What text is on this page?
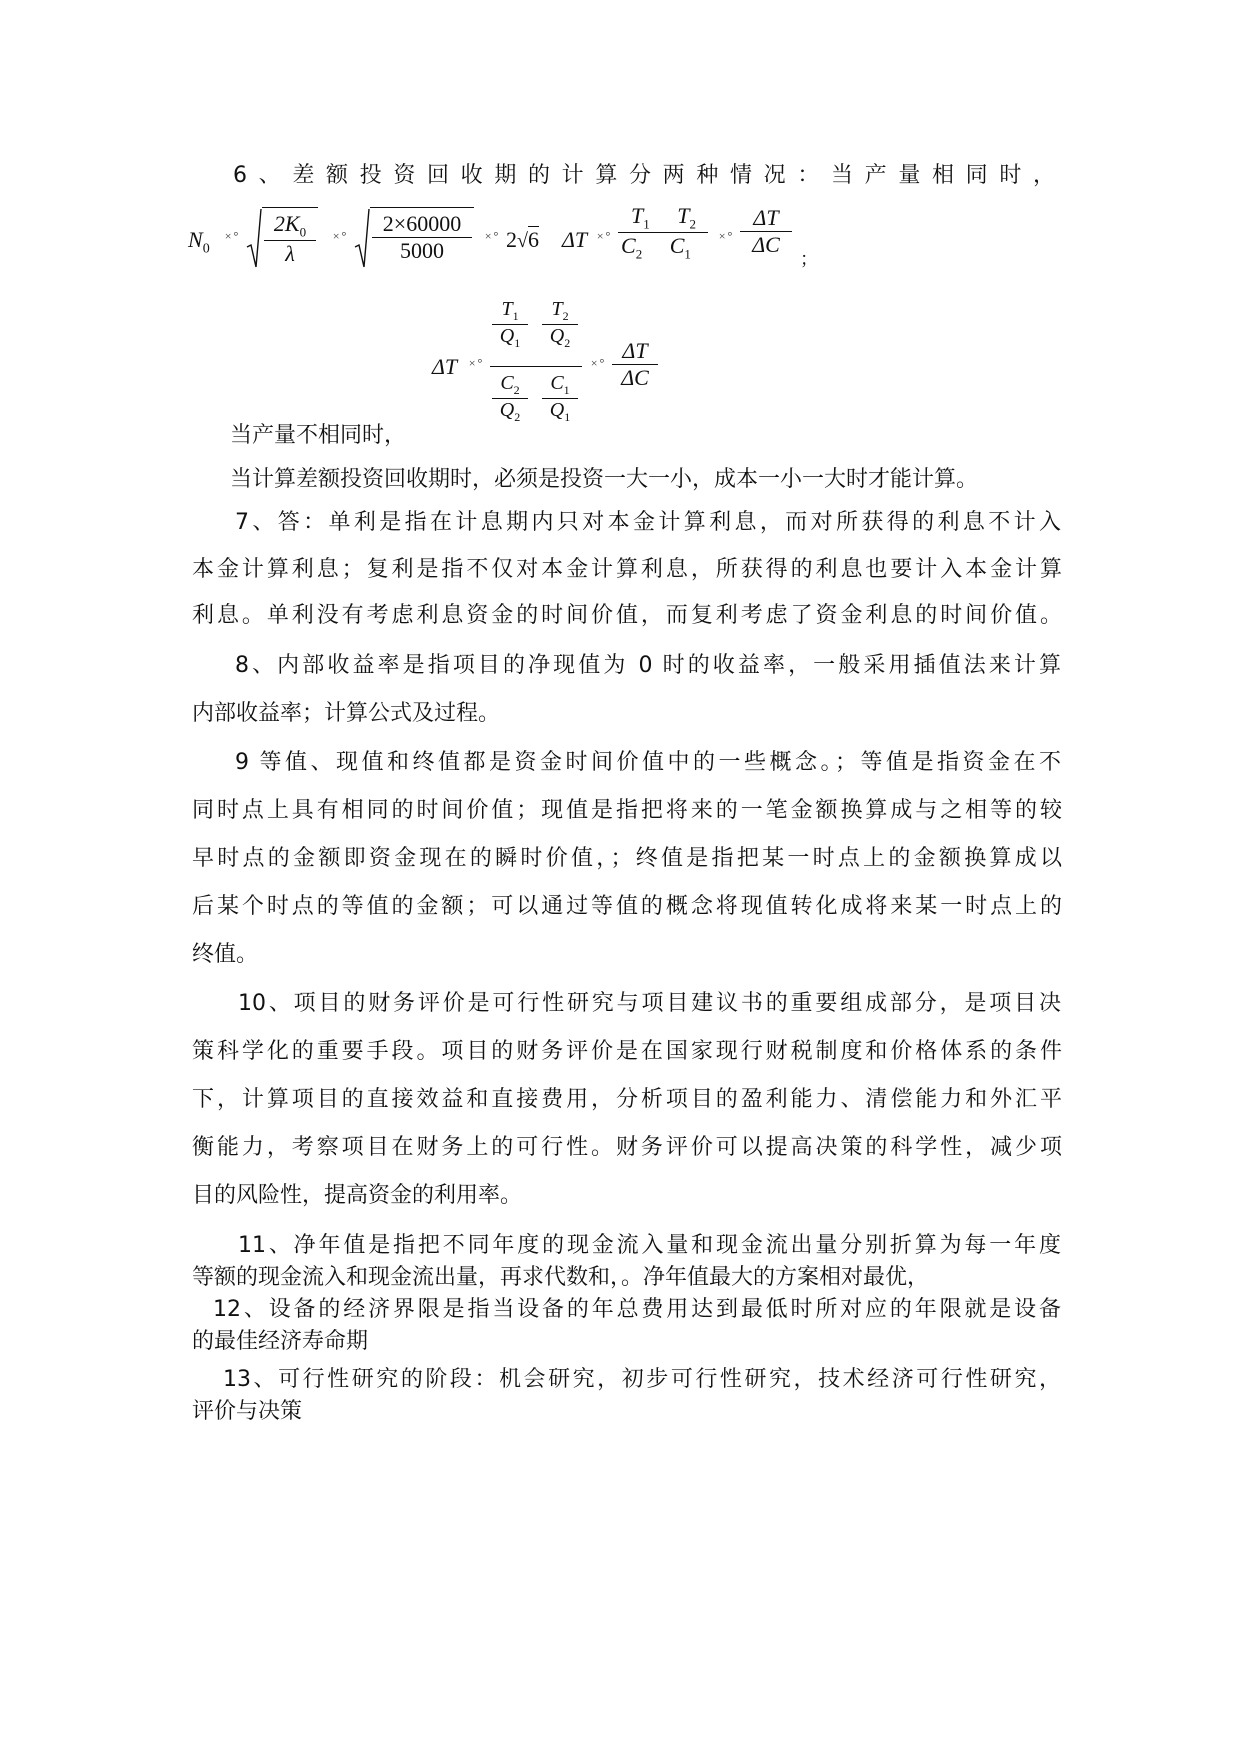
6、差额投资回收期的计算分两种情况：当产量相同时，
$N_0$
×° $\frac{2K_0}{\lambda}$ ×° $\frac{2\times 60000}{5000}$ ×° 2√6 ΔT ×° $\frac{T_1 T_2}{C_2 C_1}$ ×° $\frac{\Delta T}{\Delta C}$
；
ΔT ×°
$\frac{T_1}{Q_1} \frac{T_2}{Q_2}$
$\frac{C_2}{Q_2} \frac{C_1}{Q_1}$
×° $\frac{\Delta T}{\Delta C}$
当产量不相同时，
当计算差额投资回收期时，必须是投资一大一小，成本一小一大时才能计算。
7、答：单利是指在计息期内只对本金计算利息，而对所获得的利息不计入
本金计算利息；复利是指不仅对本金计算利息，所获得的利息也要计入本金计算
利息。单利没有考虑利息资金的时间价值，而复利考虑了资金利息的时间价值。
8、内部收益率是指项目的净现值为 0 时的收益率，一般采用插值法来计算
内部收益率；计算公式及过程。
9 等值、现值和终值都是资金时间价值中的一些概念。；等值是指资金在不
同时点上具有相同的时间价值；现值是指把将来的一笔金额换算成与之相等的较
早时点的金额即资金现在的瞬时价值，；终值是指把某一时点上的金额换算成以
后某个时点的等值的金额；可以通过等值的概念将现值转化成将来某一时点上的
终值。
10、项目的财务评价是可行性研究与项目建议书的重要组成部分，是项目决
策科学化的重要手段。项目的财务评价是在国家现行财税制度和价格体系的条件
下，计算项目的直接效益和直接费用，分析项目的盈利能力、清偿能力和外汇平
衡能力，考察项目在财务上的可行性。财务评价可以提高决策的科学性，减少项
目的风险性，提高资金的利用率。
11、净年值是指把不同年度的现金流入量和现金流出量分别折算为每一年度
等额的现金流入和现金流出量，再求代数和，。净年值最大的方案相对最优，
12、设备的经济界限是指当设备的年总费用达到最低时所对应的年限就是设备
的最佳经济寿命期
13、可行性研究的阶段：机会研究，初步可行性研究，技术经济可行性研究，
评价与决策
